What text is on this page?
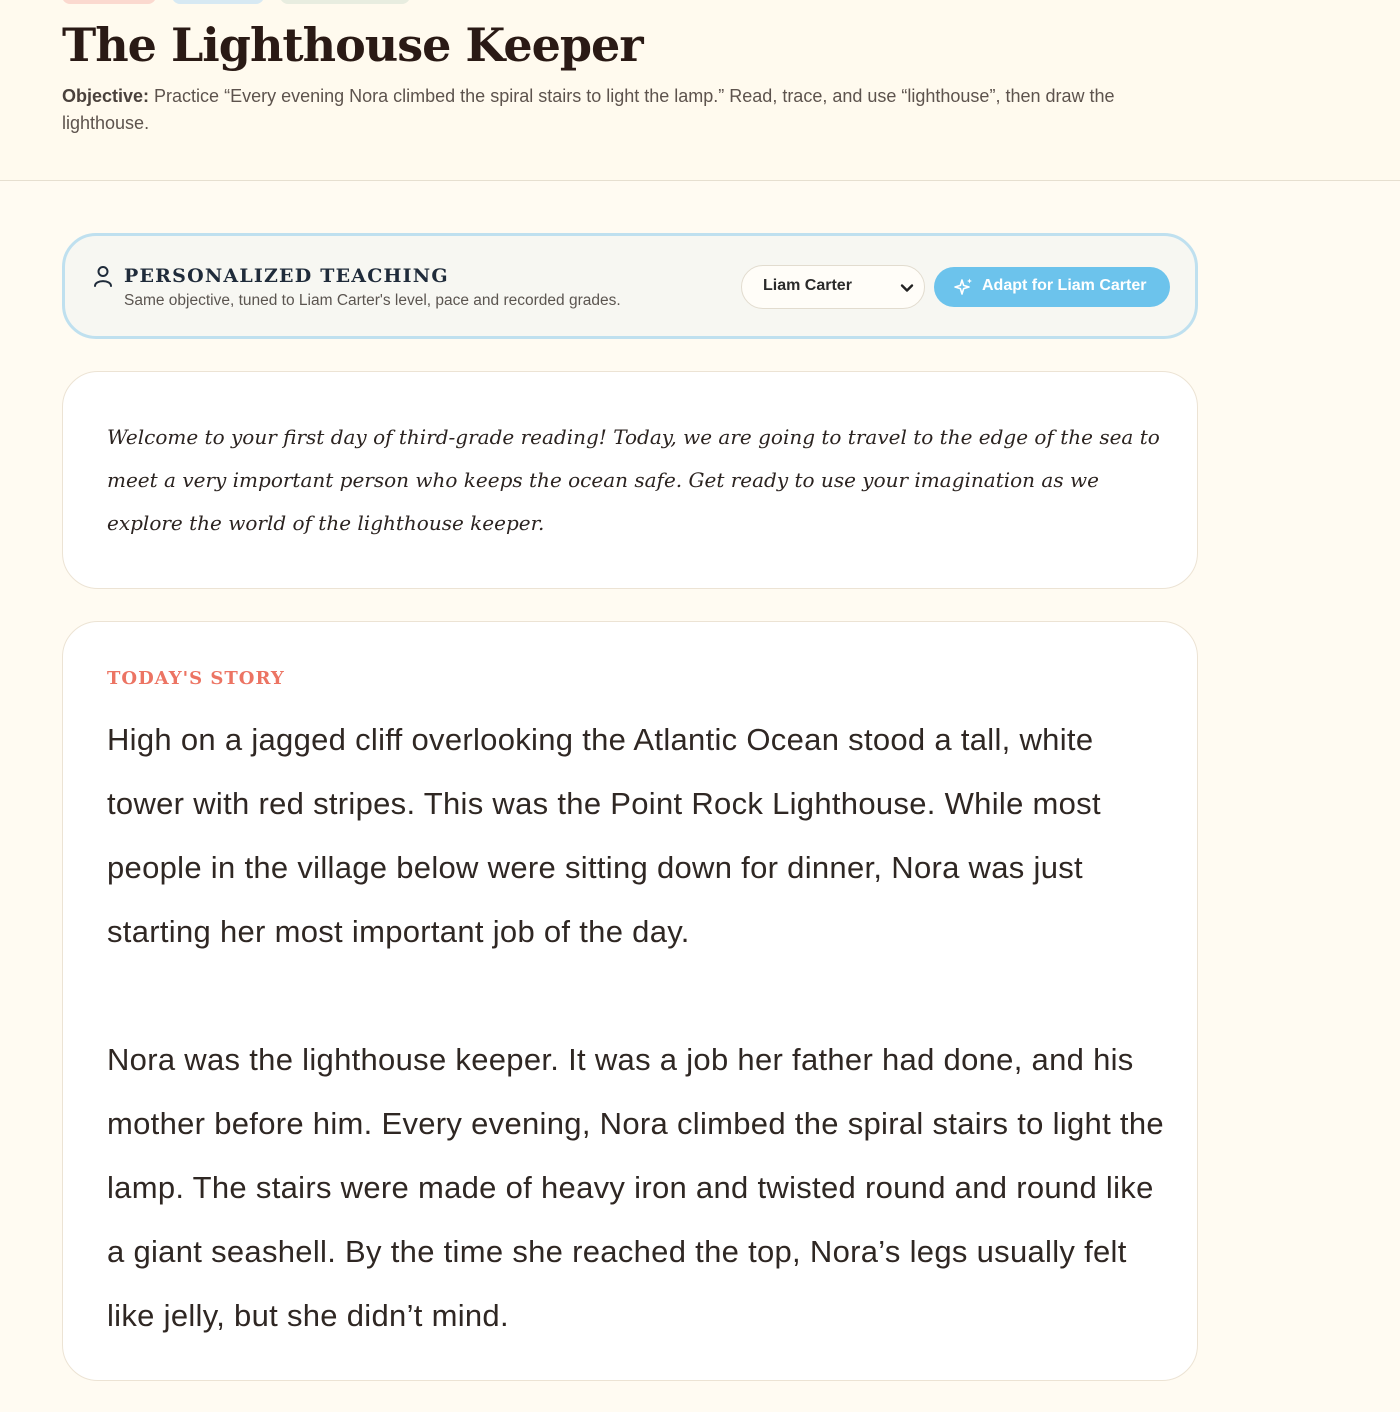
The Lighthouse Keeper
Objective: Practice “Every evening Nora climbed the spiral stairs to light the lamp.” Read, trace, and use “lighthouse”, then draw the lighthouse.
PERSONALIZED TEACHING
Same objective, tuned to Liam Carter's level, pace and recorded grades.
Liam Carter	Adapt for Liam Carter

Welcome to your first day of third-grade reading! Today, we are going to travel to the edge of the sea to meet a very important person who keeps the ocean safe. Get ready to use your imagination as we explore the world of the lighthouse keeper.

TODAY'S STORY

High on a jagged cliff overlooking the Atlantic Ocean stood a tall, white tower with red stripes. This was the Point Rock Lighthouse. While most people in the village below were sitting down for dinner, Nora was just starting her most important job of the day.

Nora was the lighthouse keeper. It was a job her father had done, and his mother before him. Every evening, Nora climbed the spiral stairs to light the lamp. The stairs were made of heavy iron and twisted round and round like a giant seashell. By the time she reached the top, Nora’s legs usually felt like jelly, but she didn’t mind.
